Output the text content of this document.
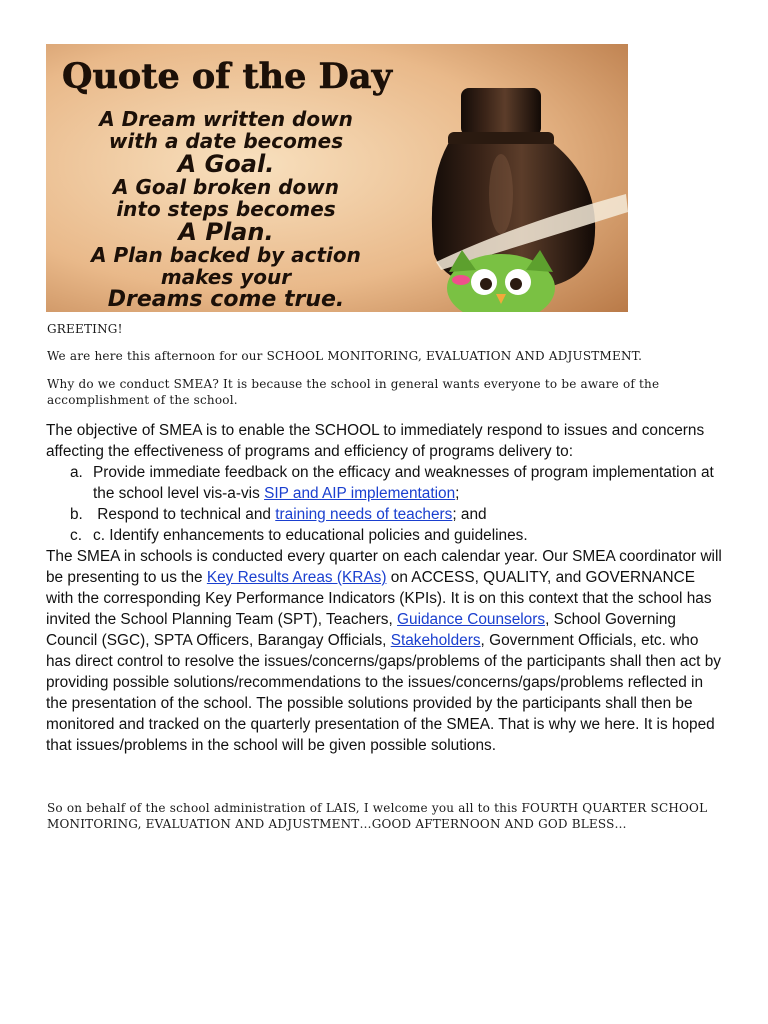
Quote of the Day
A Dream written down
with a date becomes
A Goal.
A Goal broken down
into steps becomes
A Plan.
A Plan backed by action
makes your
Dreams come true.
GREETING!
We are here this afternoon for our SCHOOL MONITORING, EVALUATION AND ADJUSTMENT.
Why do we conduct SMEA? It is because the school in general wants everyone to be aware of the accomplishment of the school.

The objective of SMEA is to enable the SCHOOL to immediately respond to issues and concerns affecting the effectiveness of programs and efficiency of programs delivery to:

a. Provide immediate feedback on the efficacy and weaknesses of program implementation at the school level vis-a-vis SIP and AIP implementation;
b. Respond to technical and training needs of teachers; and
c. c. Identify enhancements to educational policies and guidelines.

The SMEA in schools is conducted every quarter on each calendar year. Our SMEA coordinator will be presenting to us the Key Results Areas (KRAs) on ACCESS, QUALITY, and GOVERNANCE with the corresponding Key Performance Indicators (KPIs). It is on this context that the school has invited the School Planning Team (SPT), Teachers, Guidance Counselors, School Governing Council (SGC), SPTA Officers, Barangay Officials, Stakeholders, Government Officials, etc. who has direct control to resolve the issues/concerns/gaps/problems of the participants shall then act by providing possible solutions/recommendations to the issues/concerns/gaps/problems reflected in the presentation of the school. The possible solutions provided by the participants shall then be monitored and tracked on the quarterly presentation of the SMEA. That is why we here. It is hoped that issues/problems in the school will be given possible solutions.

So on behalf of the school administration of LAIS, I welcome you all to this FOURTH QUARTER SCHOOL MONITORING, EVALUATION AND ADJUSTMENT…GOOD AFTERNOON AND GOD BLESS…
